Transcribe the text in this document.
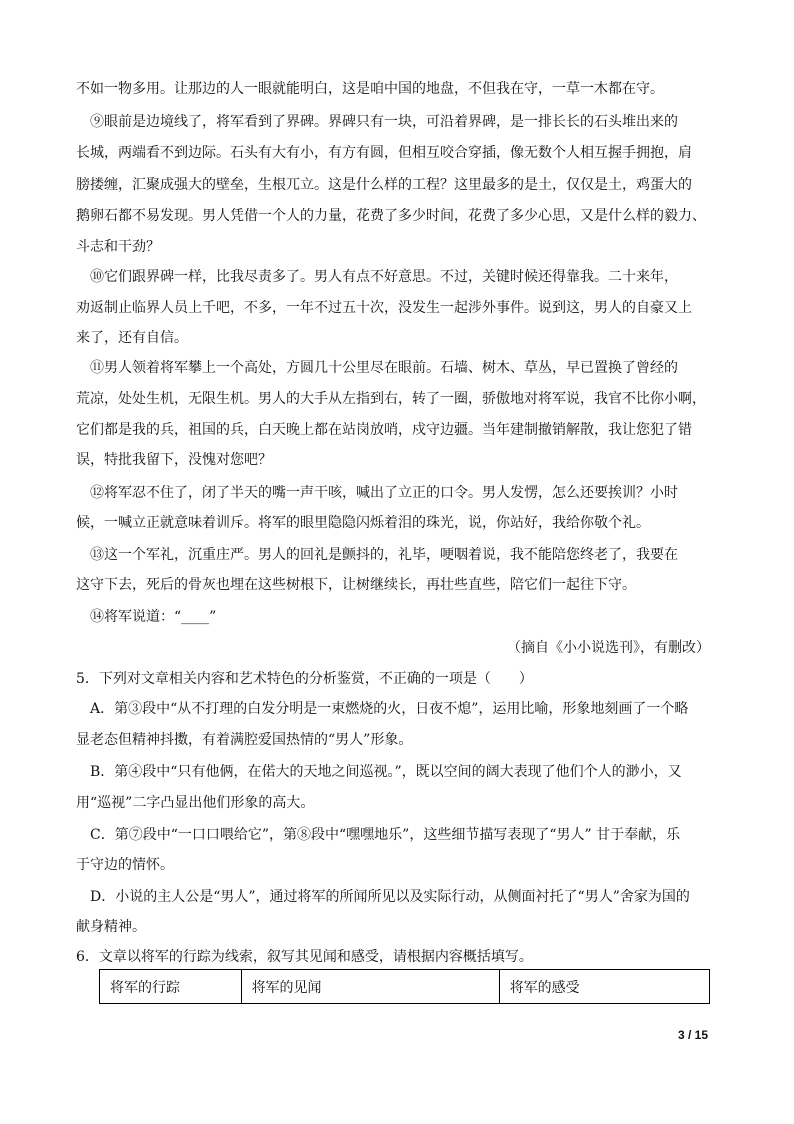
不如一物多用。让那边的人一眼就能明白，这是咱中国的地盘，不但我在守，一草一木都在守。
　⑨眼前是边境线了，将军看到了界碑。界碑只有一块，可沿着界碑，是一排长长的石头堆出来的
长城，两端看不到边际。石头有大有小，有方有圆，但相互咬合穿插，像无数个人相互握手拥抱，肩
膀搂缠，汇聚成强大的壁垒，生根兀立。这是什么样的工程？这里最多的是土，仅仅是土，鸡蛋大的
鹅卵石都不易发现。男人凭借一个人的力量，花费了多少时间，花费了多少心思，又是什么样的毅力、
斗志和干劲？
　⑩它们跟界碑一样，比我尽责多了。男人有点不好意思。不过，关键时候还得靠我。二十来年，
劝返制止临界人员上千吧，不多，一年不过五十次，没发生一起涉外事件。说到这，男人的自豪又上
来了，还有自信。
　⑪男人领着将军攀上一个高处，方圆几十公里尽在眼前。石墙、树木、草丛，早已置换了曾经的
荒凉，处处生机，无限生机。男人的大手从左指到右，转了一圈，骄傲地对将军说，我官不比你小啊，
它们都是我的兵，祖国的兵，白天晚上都在站岗放哨，戍守边疆。当年建制撤销解散，我让您犯了错
误，特批我留下，没愧对您吧？
　⑫将军忍不住了，闭了半天的嘴一声干咳，喊出了立正的口令。男人发愣，怎么还要挨训？小时
候，一喊立正就意味着训斥。将军的眼里隐隐闪烁着泪的珠光，说，你站好，我给你敬个礼。
　⑬这一个军礼，沉重庄严。男人的回礼是颤抖的，礼毕，哽咽着说，我不能陪您终老了，我要在
这守下去，死后的骨灰也埋在这些树根下，让树继续长，再壮些直些，陪它们一起往下守。
　⑭将军说道：“____”
（摘自《小小说选刊》，有删改）
5．下列对文章相关内容和艺术特色的分析鉴赏，不正确的一项是（　　）
　A．第③段中“从不打理的白发分明是一束燃烧的火，日夜不熄”，运用比喻，形象地刻画了一个略
显老态但精神抖擞，有着满腔爱国热情的“男人”形象。
　B．第④段中“只有他俩，在偌大的天地之间巡视。”，既以空间的阔大表现了他们个人的渺小，又
用“巡视”二字凸显出他们形象的高大。
　C．第⑦段中“一口口喂给它”，第⑧段中“嘿嘿地乐”，这些细节描写表现了“男人” 甘于奉献，乐
于守边的情怀。
　D．小说的主人公是“男人”，通过将军的所闻所见以及实际行动，从侧面衬托了“男人”舍家为国的
献身精神。
6．文章以将军的行踪为线索，叙写其见闻和感受，请根据内容概括填写。
将军的行踪	将军的见闻	将军的感受
3 / 15
